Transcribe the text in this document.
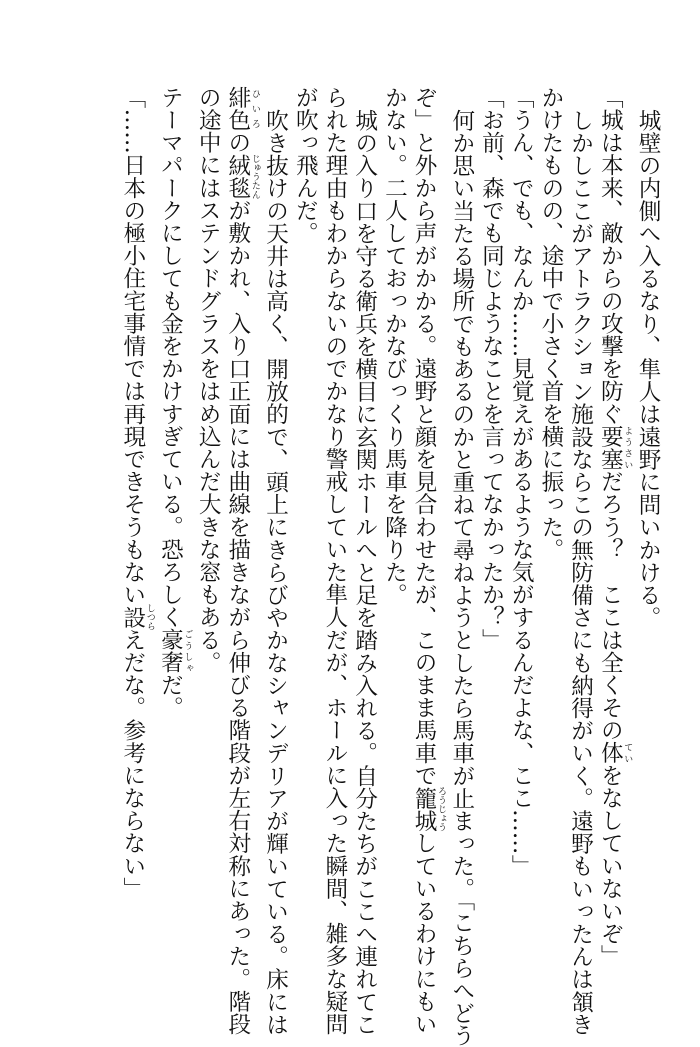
城壁の内側へ入るなり、隼人は遠野に問いかける。
「城は本来、敵からの攻撃を防ぐ要塞 ようさいだろう？　ここは全くその体 ていをなしていないぞ」
しかしここがアトラクション施設ならこの無防備さにも納得がいく。遠野もいったんは頷き
かけたものの、途中で小さく首を横に振った。
「うん、でも、なんか……見覚えがあるような気がするんだよな、ここ……」
「お前、森でも同じようなことを言ってなかったか？」
何か思い当たる場所でもあるのかと重ねて尋ねようとしたら馬車が止まった。「こちらへどう
ぞ」と外から声がかかる。遠野と顔を見合わせたが、このまま馬車で籠城 ろうじょうしているわけにもい
かない。二人しておっかなびっくり馬車を降りた。
城の入り口を守る衛兵を横目に玄関ホールへと足を踏み入れる。自分たちがここへ連れてこ
られた理由もわからないのでかなり警戒していた隼人だが、ホールに入った瞬間、雑多な疑問
が吹っ飛んだ。
吹き抜けの天井は高く、開放的で、頭上にきらびやかなシャンデリアが輝いている。床には
緋色 ひいろの絨毯 じゅうたんが敷かれ、入り口正面には曲線を描きながら伸びる階段が左右対称にあった。階段
の途中にはステンドグラスをはめ込んだ大きな窓もある。
テーマパークにしても金をかけすぎている。恐ろしく豪奢 ごうしゃだ。
「……日本の極小住宅事情では再現できそうもない設 しつらえだな。参考にならない」
